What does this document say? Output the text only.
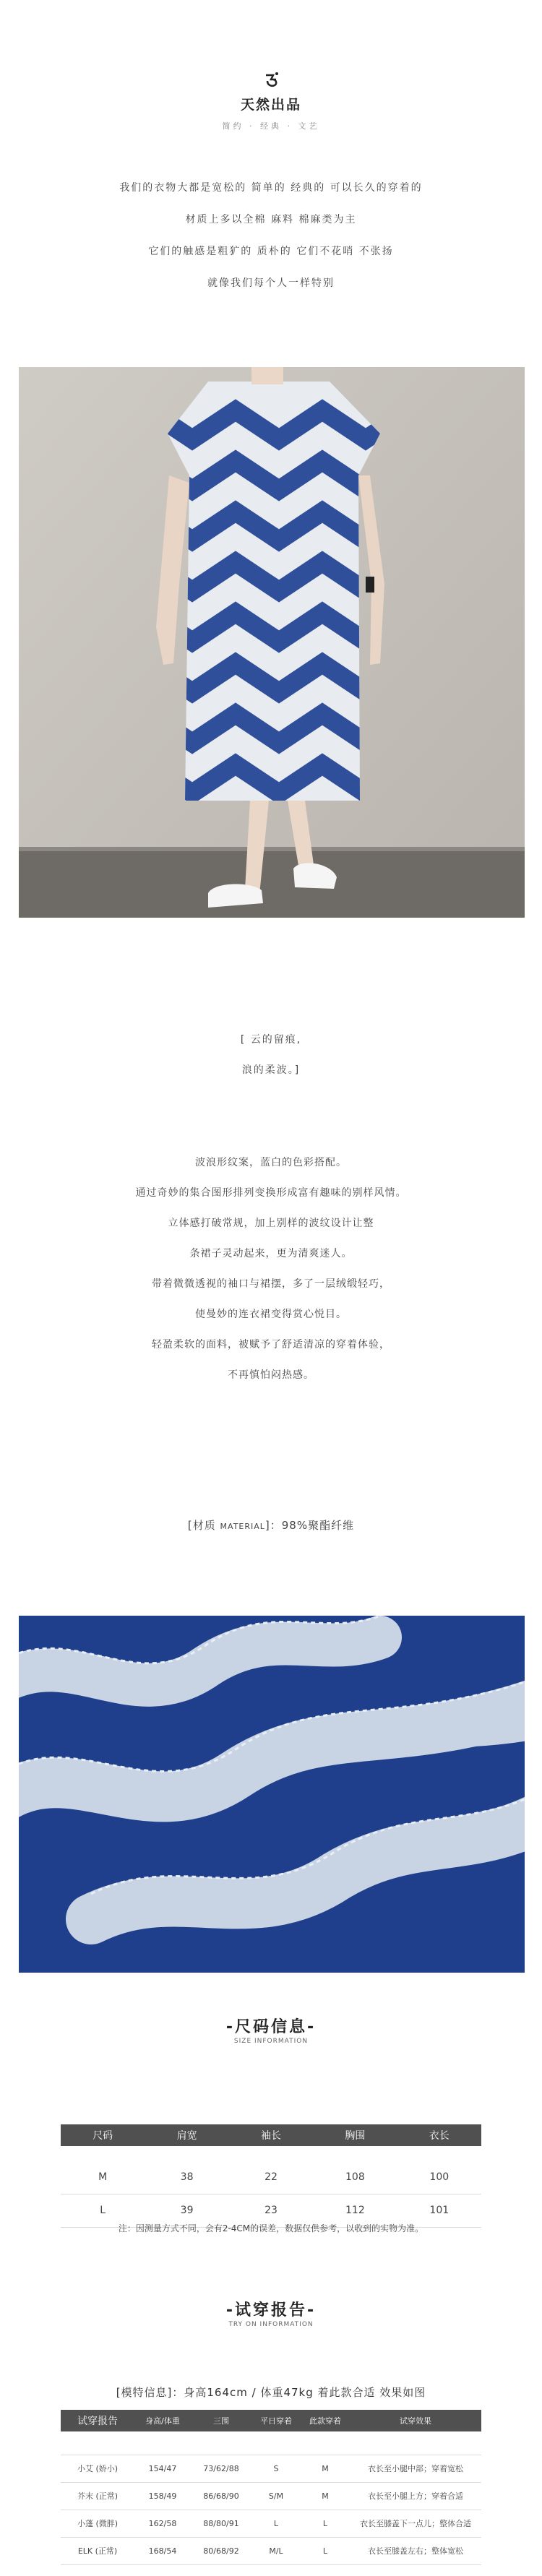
天然出品
简约 · 经典 · 文艺

我们的衣物大都是宽松的 简单的 经典的 可以长久的穿着的

材质上多以全棉 麻料 棉麻类为主

它们的触感是粗犷的 质朴的 它们不花哨 不张扬

就像我们每个人一样特别

[ 云的留痕,

浪的柔波。]

波浪形纹案，蓝白的色彩搭配。

通过奇妙的集合图形排列变换形成富有趣味的别样风情。

立体感打破常规，加上别样的波纹设计让整

条裙子灵动起来，更为清爽迷人。

带着微微透视的袖口与裙摆，多了一层绒缎轻巧，

使曼妙的连衣裙变得赏心悦目。

轻盈柔软的面料，被赋予了舒适清凉的穿着体验，

不再慎怕闷热感。

[材质 MATERIAL]：98%聚酯纤维
-尺码信息-
SIZE INFORMATION
尺码	肩宽	袖长	胸围	衣长

M	38	22	108	100
L	39	23	112	101
注：因测量方式不同，会有2-4CM的误差，数据仅供参考，以收到的实物为准。
-试穿报告-
TRY ON INFORMATION
[模特信息]：身高164cm / 体重47kg 着此款合适 效果如图
试穿报告	身高/体重	三围	平日穿着	此款穿着	试穿效果

小艾 (娇小)	154/47	73/62/88	S	M	衣长至小腿中部；穿着宽松
芥末 (正常)	158/49	86/68/90	S/M	M	衣长至小腿上方；穿着合适
小蓬 (微胖)	162/58	88/80/91	L	L	衣长至膝盖下一点儿；整体合适
ELK (正常)	168/54	80/68/92	M/L	L	衣长至膝盖左右；整体宽松
